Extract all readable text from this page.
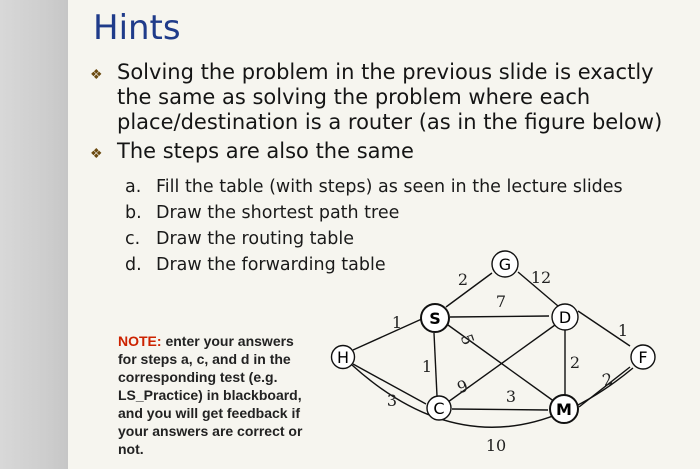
Hints
❖ Solving the problem in the previous slide is exactly
the same as solving the problem where each
place/destination is a router (as in the figure below)
❖ The steps are also the same
a. Fill the table (with steps) as seen in the lecture slides
b. Draw the shortest path tree
c. Draw the routing table
d. Draw the forwarding table
NOTE: enter your answers
for steps a, c, and d in the
corresponding test (e.g.
LS_Practice) in blackboard,
and you will get feedback if
your answers are correct or
not.
1
3
1
2
7
5
9 3
12
2
1
2
10
H
S
C
G
D
M
F
